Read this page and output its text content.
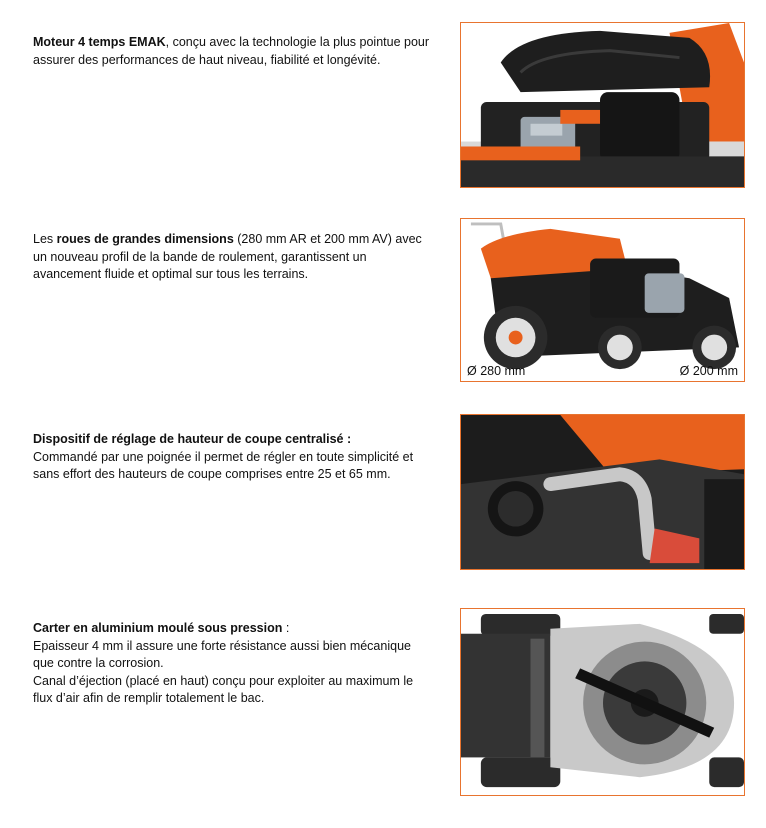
Moteur 4 temps EMAK, conçu avec la technologie la plus pointue pour assurer des performances de haut niveau, fiabilité et longévité.
Les roues de grandes dimensions (280 mm AR et 200 mm AV) avec un nouveau profil de la bande de roulement, garantissent un avancement fluide et optimal sur tous les terrains.
Ø 280 mm	Ø 200 mm
Dispositif de réglage de hauteur de coupe centralisé :
Commandé par une poignée il permet de régler en toute simplicité et sans effort des hauteurs de coupe comprises entre 25 et 65 mm.
Carter en aluminium moulé sous pression :
Epaisseur 4 mm il assure une forte résistance aussi bien mécanique que contre la corrosion.
Canal d’éjection (placé en haut) conçu pour exploiter au maximum le flux d’air afin de remplir totalement le bac.
